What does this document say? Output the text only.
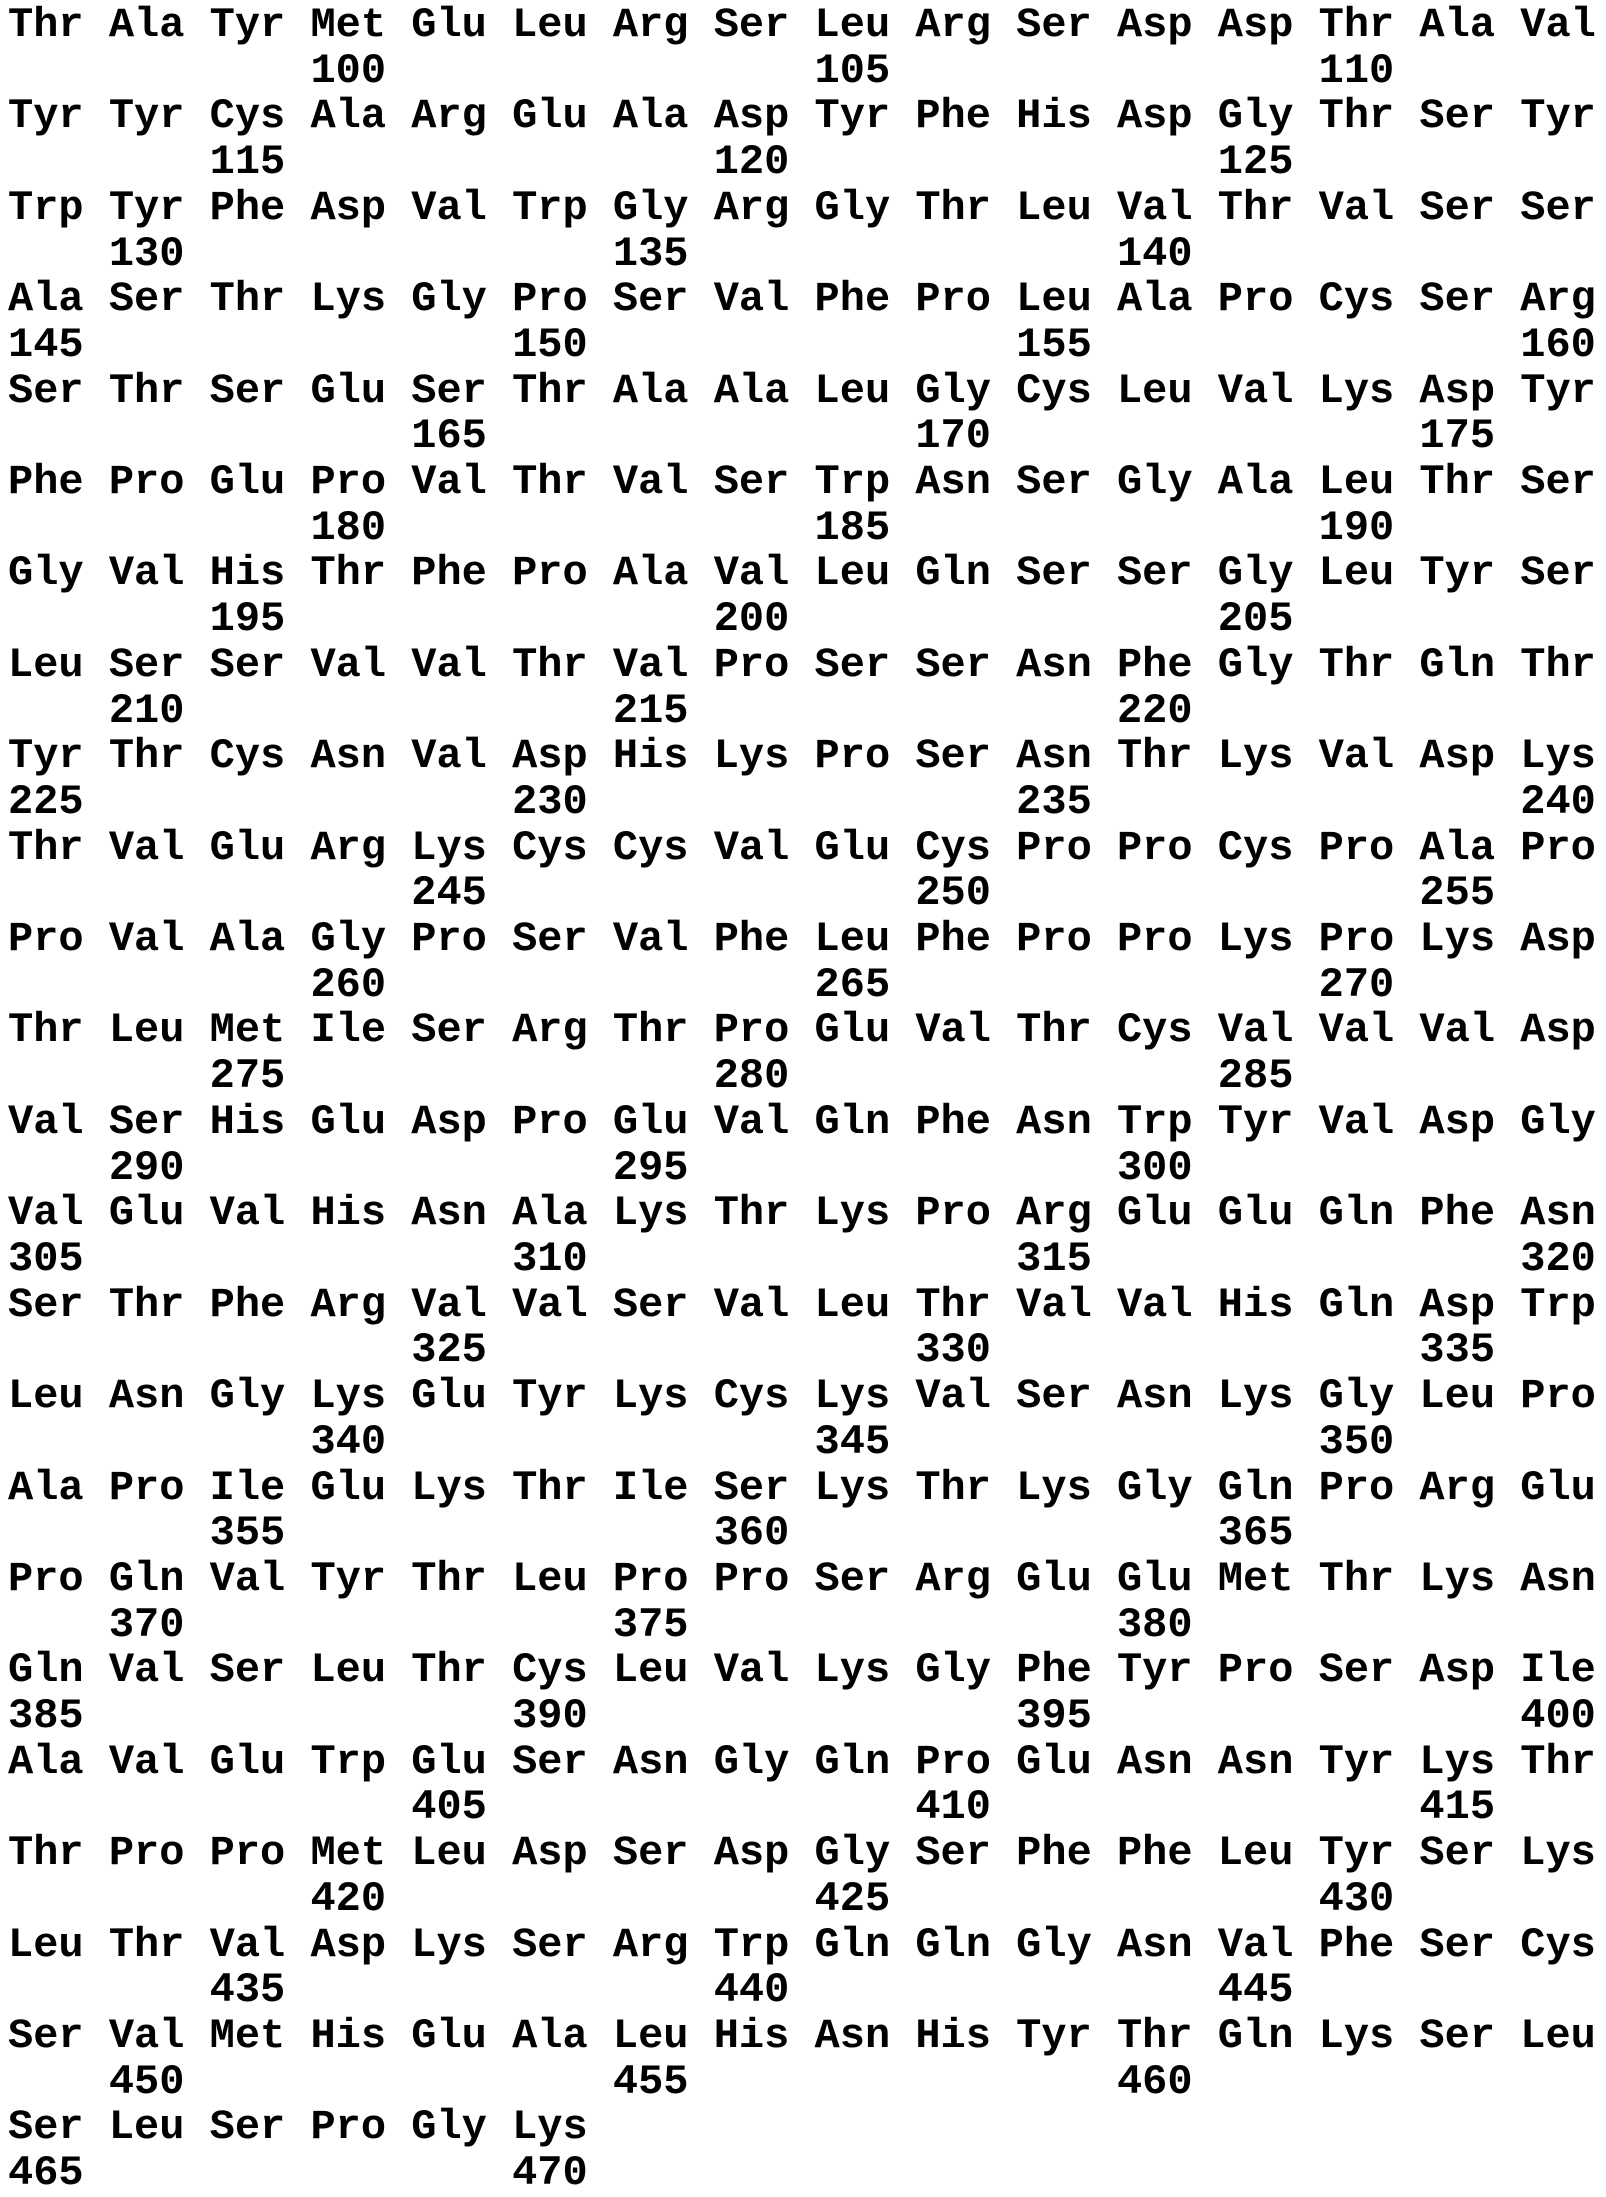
Thr Ala Tyr Met Glu Leu Arg Ser Leu Arg Ser Asp Asp Thr Ala Val
100                 105                 110
Tyr Tyr Cys Ala Arg Glu Ala Asp Tyr Phe His Asp Gly Thr Ser Tyr
115                 120                 125
Trp Tyr Phe Asp Val Trp Gly Arg Gly Thr Leu Val Thr Val Ser Ser
130                 135                 140
Ala Ser Thr Lys Gly Pro Ser Val Phe Pro Leu Ala Pro Cys Ser Arg
145                 150                 155                 160
Ser Thr Ser Glu Ser Thr Ala Ala Leu Gly Cys Leu Val Lys Asp Tyr
165                 170                 175
Phe Pro Glu Pro Val Thr Val Ser Trp Asn Ser Gly Ala Leu Thr Ser
180                 185                 190
Gly Val His Thr Phe Pro Ala Val Leu Gln Ser Ser Gly Leu Tyr Ser
195                 200                 205
Leu Ser Ser Val Val Thr Val Pro Ser Ser Asn Phe Gly Thr Gln Thr
210                 215                 220
Tyr Thr Cys Asn Val Asp His Lys Pro Ser Asn Thr Lys Val Asp Lys
225                 230                 235                 240
Thr Val Glu Arg Lys Cys Cys Val Glu Cys Pro Pro Cys Pro Ala Pro
245                 250                 255
Pro Val Ala Gly Pro Ser Val Phe Leu Phe Pro Pro Lys Pro Lys Asp
260                 265                 270
Thr Leu Met Ile Ser Arg Thr Pro Glu Val Thr Cys Val Val Val Asp
275                 280                 285
Val Ser His Glu Asp Pro Glu Val Gln Phe Asn Trp Tyr Val Asp Gly
290                 295                 300
Val Glu Val His Asn Ala Lys Thr Lys Pro Arg Glu Glu Gln Phe Asn
305                 310                 315                 320
Ser Thr Phe Arg Val Val Ser Val Leu Thr Val Val His Gln Asp Trp
325                 330                 335
Leu Asn Gly Lys Glu Tyr Lys Cys Lys Val Ser Asn Lys Gly Leu Pro
340                 345                 350
Ala Pro Ile Glu Lys Thr Ile Ser Lys Thr Lys Gly Gln Pro Arg Glu
355                 360                 365
Pro Gln Val Tyr Thr Leu Pro Pro Ser Arg Glu Glu Met Thr Lys Asn
370                 375                 380
Gln Val Ser Leu Thr Cys Leu Val Lys Gly Phe Tyr Pro Ser Asp Ile
385                 390                 395                 400
Ala Val Glu Trp Glu Ser Asn Gly Gln Pro Glu Asn Asn Tyr Lys Thr
405                 410                 415
Thr Pro Pro Met Leu Asp Ser Asp Gly Ser Phe Phe Leu Tyr Ser Lys
420                 425                 430
Leu Thr Val Asp Lys Ser Arg Trp Gln Gln Gly Asn Val Phe Ser Cys
435                 440                 445
Ser Val Met His Glu Ala Leu His Asn His Tyr Thr Gln Lys Ser Leu
450                 455                 460
Ser Leu Ser Pro Gly Lys
465                 470
